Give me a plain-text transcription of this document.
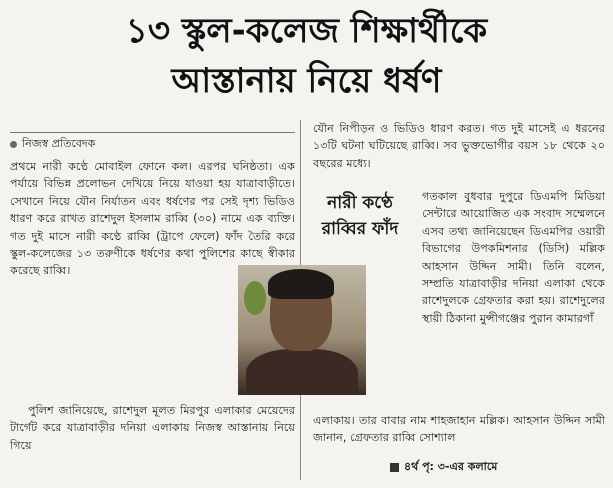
১৩ স্কুল-কলেজ শিক্ষার্থীকে
আস্তানায় নিয়ে ধর্ষণ
নিজস্ব প্রতিবেদক
প্রথমে নারী কণ্ঠে মোবাইল ফোনে কল। এরপর ঘনিষ্ঠতা। এক পর্যায়ে বিভিন্ন প্রলোভন দেখিয়ে নিয়ে যাওয়া হয় যাত্রাবাড়ীতে। সেখানে নিয়ে যৌন নির্যাতন এবং ধর্ষণের পর সেই দৃশ্য ভিডিও ধারণ করে রাখত রাশেদুল ইসলাম রাব্বি (৩০) নামে এক ব্যক্তি। গত দুই মাসে নারী কণ্ঠে রাব্বি (ট্রাপে ফেলে) ফাঁদ তৈরি করে স্কুল-কলেজের ১৩ তরুণীকে ধর্ষণের কথা পুলিশের কাছে স্বীকার করেছে রাব্বি।
পুলিশ জানিয়েছে, রাশেদুল মূলত মিরপুর এলাকার মেয়েদের টার্গেট করে যাত্রাবাড়ীর দনিয়া এলাকায় নিজস্ব আস্তানায় নিয়ে গিয়ে
যৌন নিপীড়ন ও ভিডিও ধারণ করত। গত দুই মাসেই এ ধরনের ১৩টি ঘটনা ঘটিয়েছে রাব্বি। সব ভুক্তভোগীর বয়স ১৮ থেকে ২০ বছরের মধ্যে।
নারী কণ্ঠে রাব্বির ফাঁদ
গতকাল বুধবার দুপুরে ডিএমপি মিডিয়া সেন্টারে আয়োজিত এক সংবাদ সম্মেলনে এসব তথ্য জানিয়েছেন ডিএমপির ওয়ারী বিভাগের উপকমিশনার (ডিসি) মল্লিক আহসান উদ্দিন সামী। তিনি বলেন, সম্প্রতি যাত্রাবাড়ীর দনিয়া এলাকা থেকে রাশেদুলকে গ্রেফতার করা হয়। রাশেদুলের স্থায়ী ঠিকানা মুন্সীগঞ্জের পুরান কামারগাঁ
এলাকায়। তার বাবার নাম শাহজাহান মল্লিক। আহসান উদ্দিন সামী জানান, গ্রেফতার রাব্বি সোশ্যাল
৪র্থ পৃ: ৩-এর কলামে
